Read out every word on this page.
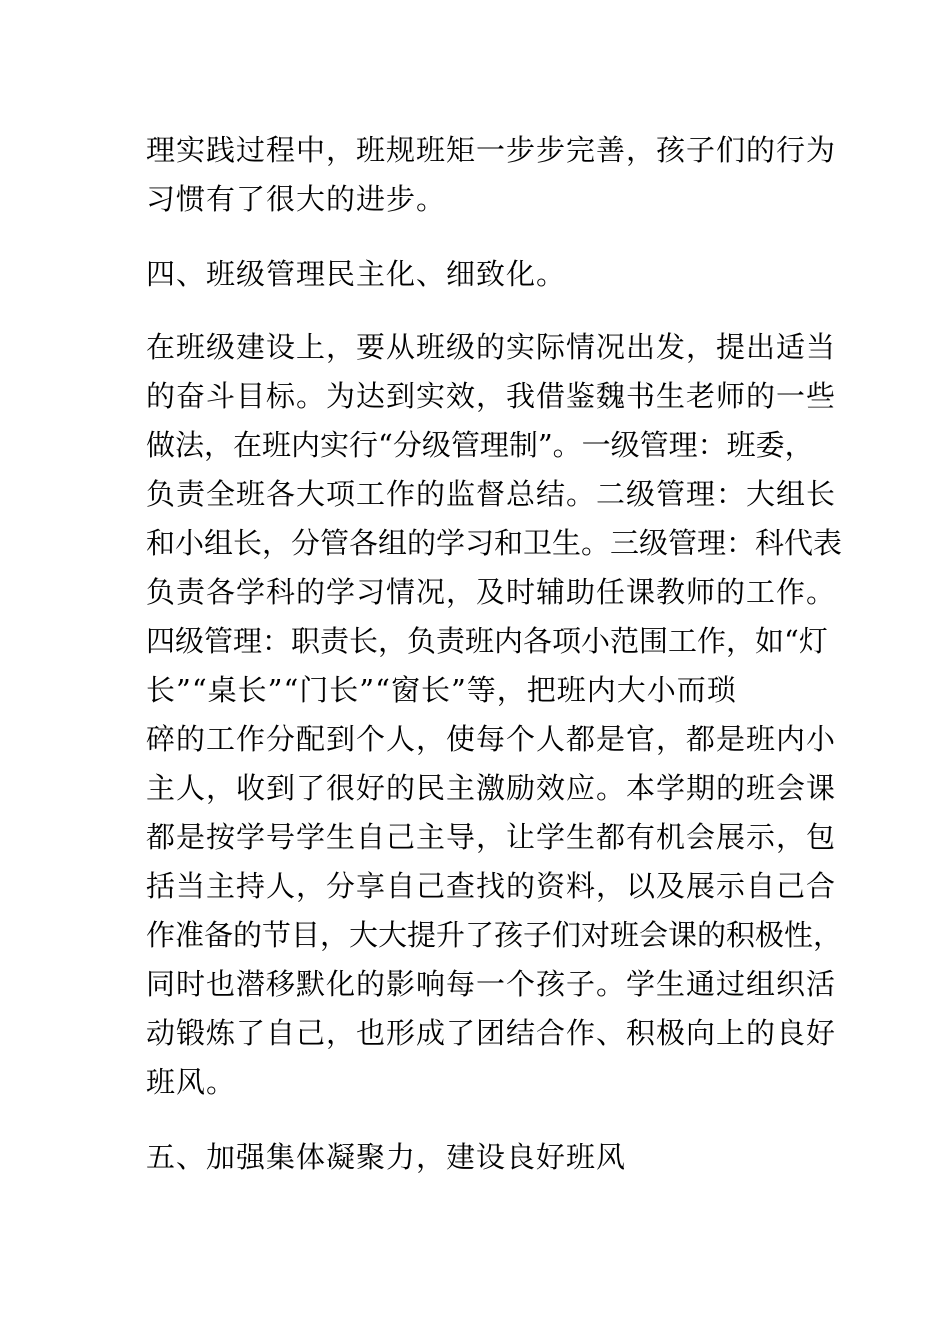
理实践过程中，班规班矩一步步完善，孩子们的行为
习惯有了很大的进步。
四、班级管理民主化、细致化。
在班级建设上，要从班级的实际情况出发，提出适当
的奋斗目标。为达到实效，我借鉴魏书生老师的一些
做法，在班内实行“分级管理制”。一级管理：班委，
负责全班各大项工作的监督总结。二级管理：大组长
和小组长，分管各组的学习和卫生。三级管理：科代表
负责各学科的学习情况，及时辅助任课教师的工作。
四级管理：职责长，负责班内各项小范围工作，如“灯
长”“桌长”“门长”“窗长”等，把班内大小而琐
碎的工作分配到个人，使每个人都是官，都是班内小
主人，收到了很好的民主激励效应。本学期的班会课
都是按学号学生自己主导，让学生都有机会展示，包
括当主持人，分享自己查找的资料，以及展示自己合
作准备的节目，大大提升了孩子们对班会课的积极性，
同时也潜移默化的影响每一个孩子。学生通过组织活
动锻炼了自己，也形成了团结合作、积极向上的良好
班风。
五、加强集体凝聚力，建设良好班风
